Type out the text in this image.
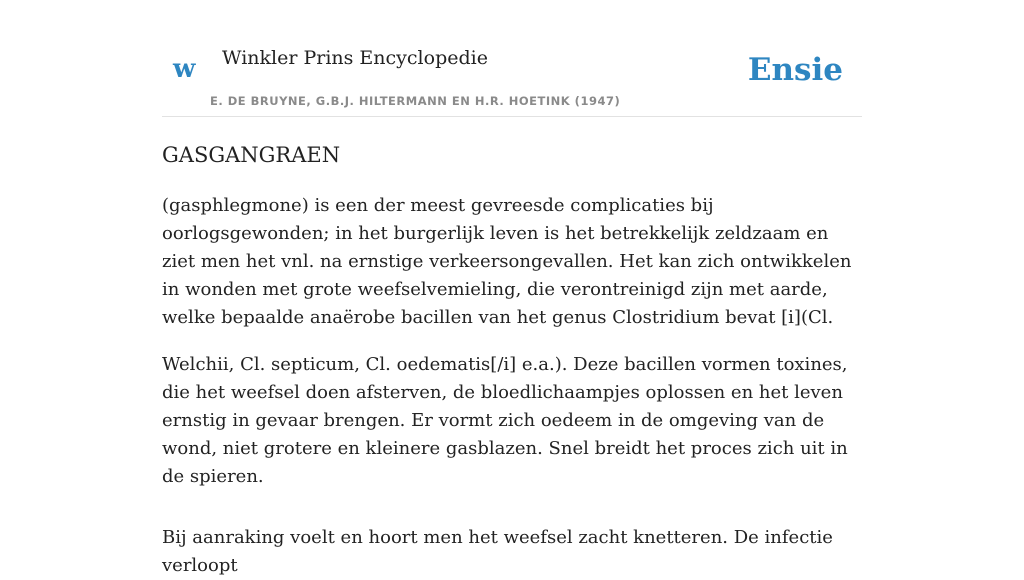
w Winkler Prins Encyclopedie
E. DE BRUYNE, G.B.J. HILTERMANN EN H.R. HOETINK (1947)
Ensie
GASGANGRAEN

(gasphlegmone) is een der meest gevreesde complicaties bij oorlogsgewonden; in het burgerlijk leven is het betrekkelijk zeldzaam en ziet men het vnl. na ernstige verkeersongevallen. Het kan zich ontwikkelen in wonden met grote weefselvemieling, die verontreinigd zijn met aarde, welke bepaalde anaërobe bacillen van het genus Clostridium bevat [i](Cl.

Welchii, Cl. septicum, Cl. oedematis[/i] e.a.). Deze bacillen vormen toxines, die het weefsel doen afsterven, de bloedlichaampjes oplossen en het leven ernstig in gevaar brengen. Er vormt zich oedeem in de omgeving van de wond, niet grotere en kleinere gasblazen. Snel breidt het proces zich uit in de spieren.

Bij aanraking voelt en hoort men het weefsel zacht knetteren. De infectie verloopt
